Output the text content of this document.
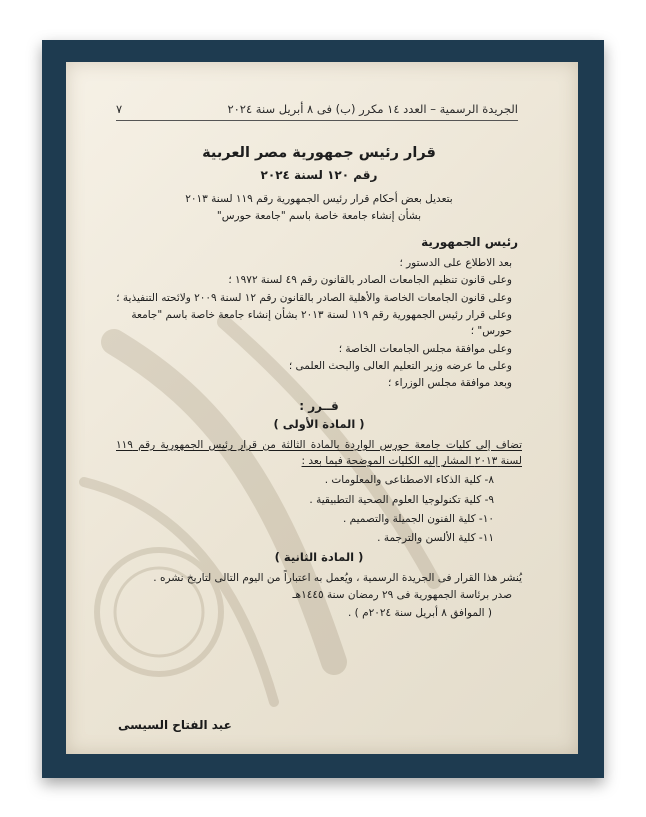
الجريدة الرسمية – العدد ١٤ مكرر (ب) فى ٨ أبريل سنة ٢٠٢٤
٧
قرار رئيس جمهورية مصر العربية
رقم ١٢٠ لسنة ٢٠٢٤
بتعديل بعض أحكام قرار رئيس الجمهورية رقم ١١٩ لسنة ٢٠١٣
بشأن إنشاء جامعة خاصة باسم "جامعة حورس"
رئيس الجمهورية
بعد الاطلاع على الدستور ؛
وعلى قانون تنظيم الجامعات الصادر بالقانون رقم ٤٩ لسنة ١٩٧٢ ؛
وعلى قانون الجامعات الخاصة والأهلية الصادر بالقانون رقم ١٢ لسنة ٢٠٠٩ ولائحته التنفيذية ؛
وعلى قرار رئيس الجمهورية رقم ١١٩ لسنة ٢٠١٣ بشأن إنشاء جامعة خاصة باسم "جامعة حورس" ؛
وعلى موافقة مجلس الجامعات الخاصة ؛
وعلى ما عرضه وزير التعليم العالى والبحث العلمى ؛
وبعد موافقة مجلس الوزراء ؛
قــرر :
( المادة الأولى )
تضاف إلى كليات جامعة حورس الواردة بالمادة الثالثة من قرار رئيس الجمهورية رقم ١١٩ لسنة ٢٠١٣ المشار إليه الكليات الموضحة فيما بعد :
٨- كلية الذكاء الاصطناعى والمعلومات .
٩- كلية تكنولوجيا العلوم الصحية التطبيقية .
١٠- كلية الفنون الجميلة والتصميم .
١١- كلية الألسن والترجمة .
( المادة الثانية )
يُنشر هذا القرار فى الجريدة الرسمية ، ويُعمل به اعتباراً من اليوم التالى لتاريخ نشره .
صدر برئاسة الجمهورية فى ٢٩ رمضان سنة ١٤٤٥هـ
( الموافق ٨ أبريل سنة ٢٠٢٤م ) .
عبد الفتاح السيسى
